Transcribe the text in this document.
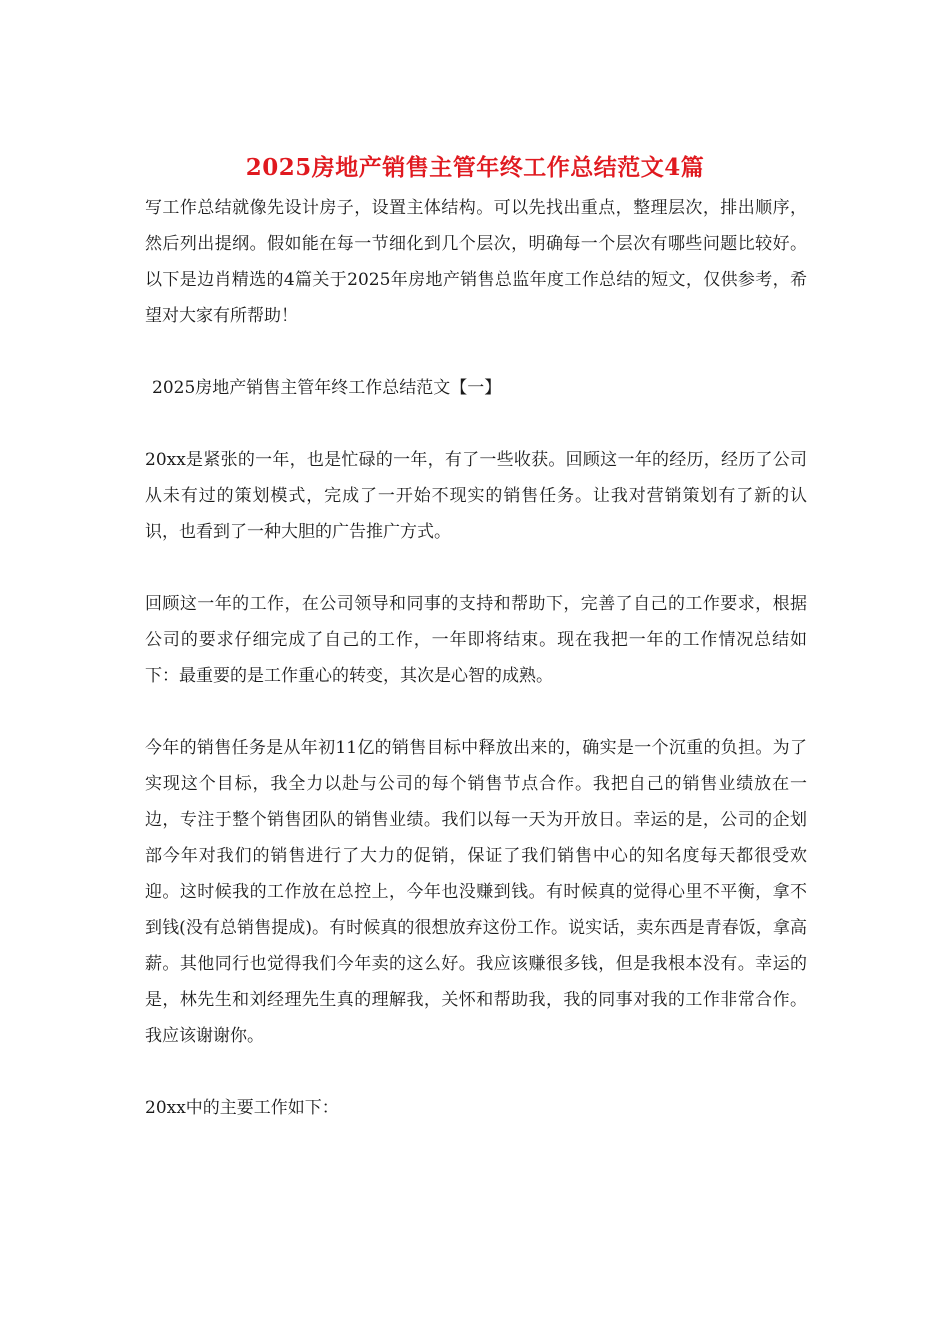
2025房地产销售主管年终工作总结范文4篇

写工作总结就像先设计房子，设置主体结构。可以先找出重点，整理层次，排出顺序，然后列出提纲。假如能在每一节细化到几个层次，明确每一个层次有哪些问题比较好。以下是边肖精选的4篇关于2025年房地产销售总监年度工作总结的短文，仅供参考，希望对大家有所帮助！

2025房地产销售主管年终工作总结范文【一】

20xx是紧张的一年，也是忙碌的一年，有了一些收获。回顾这一年的经历，经历了公司从未有过的策划模式，完成了一开始不现实的销售任务。让我对营销策划有了新的认识，也看到了一种大胆的广告推广方式。

回顾这一年的工作，在公司领导和同事的支持和帮助下，完善了自己的工作要求，根据公司的要求仔细完成了自己的工作，一年即将结束。现在我把一年的工作情况总结如下：最重要的是工作重心的转变，其次是心智的成熟。

今年的销售任务是从年初11亿的销售目标中释放出来的，确实是一个沉重的负担。为了实现这个目标，我全力以赴与公司的每个销售节点合作。我把自己的销售业绩放在一边，专注于整个销售团队的销售业绩。我们以每一天为开放日。幸运的是，公司的企划部今年对我们的销售进行了大力的促销，保证了我们销售中心的知名度每天都很受欢迎。这时候我的工作放在总控上，今年也没赚到钱。有时候真的觉得心里不平衡，拿不到钱(没有总销售提成)。有时候真的很想放弃这份工作。说实话，卖东西是青春饭，拿高薪。其他同行也觉得我们今年卖的这么好。我应该赚很多钱，但是我根本没有。幸运的是，林先生和刘经理先生真的理解我，关怀和帮助我，我的同事对我的工作非常合作。我应该谢谢你。

20xx中的主要工作如下：
